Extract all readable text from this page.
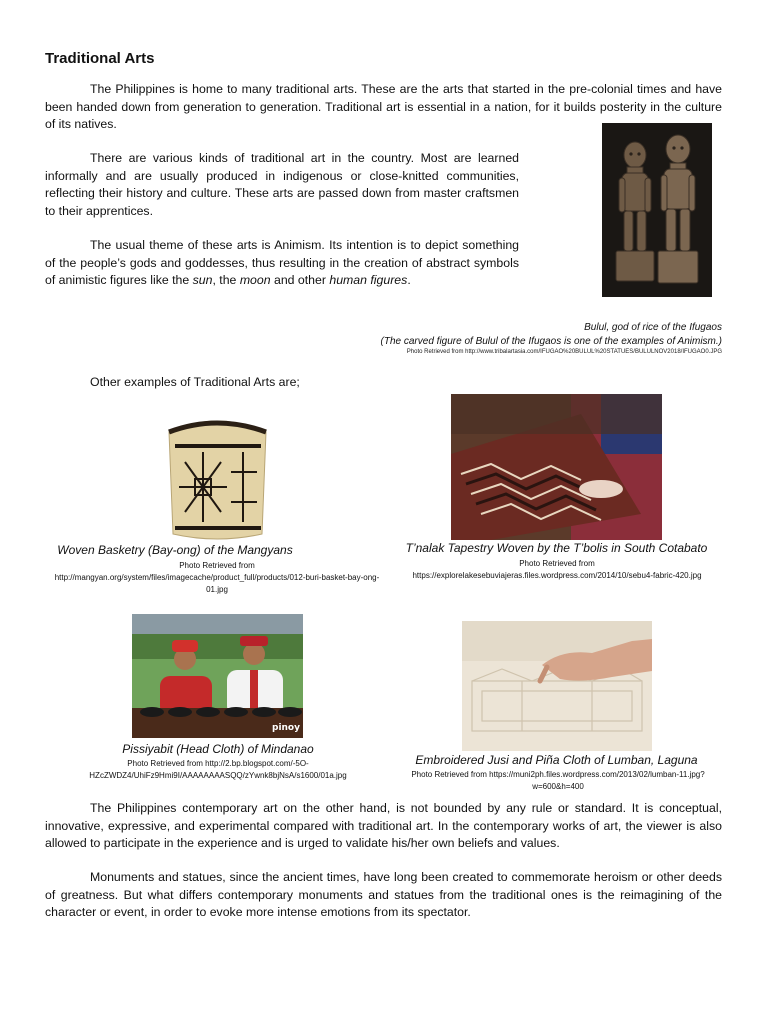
Traditional Arts
The Philippines is home to many traditional arts. These are the arts that started in the pre-colonial times and have been handed down from generation to generation. Traditional art is essential in a nation, for it builds posterity in the culture of its natives.
There are various kinds of traditional art in the country. Most are learned informally and are usually produced in indigenous or close-knitted communities, reflecting their history and culture. These arts are passed down from master craftsmen to their apprentices.
The usual theme of these arts is Animism. Its intention is to depict something of the people’s gods and goddesses, thus resulting in the creation of abstract symbols of animistic figures like the sun, the moon and other human figures.
Bulul, god of rice of the Ifugaos
(The carved figure of Bulul of the Ifugaos is one of the examples of Animism.)
Photo Retrieved from http://www.tribalartasia.com/IFUGAO%20BULUL%20STATUES/BULULNOV2018/IFUGAO0.JPG
Other examples of Traditional Arts are;
Woven Basketry (Bay-ong) of the Mangyans
Photo Retrieved from
http://mangyan.org/system/files/imagecache/product_full/products/012-buri-basket-bay-ong-01.jpg
T’nalak Tapestry Woven by the T’bolis in South Cotabato
Photo Retrieved from
https://explorelakesebuviajeras.files.wordpress.com/2014/10/sebu4-fabric-420.jpg
pinoy
Pissiyabit (Head Cloth) of Mindanao
Photo Retrieved from http://2.bp.blogspot.com/-5O-HZcZWDZ4/UhiFz9Hmi9I/AAAAAAAASQQ/zYwnk8bjNsA/s1600/01a.jpg
Embroidered Jusi and Piña Cloth of Lumban, Laguna
Photo Retrieved from https://muni2ph.files.wordpress.com/2013/02/lumban-11.jpg?w=600&h=400
The Philippines contemporary art on the other hand, is not bounded by any rule or standard. It is conceptual, innovative, expressive, and experimental compared with traditional art. In the contemporary works of art, the viewer is also allowed to participate in the experience and is urged to validate his/her own beliefs and values.
Monuments and statues, since the ancient times, have long been created to commemorate heroism or other deeds of greatness. But what differs contemporary monuments and statues from the traditional ones is the reimagining of the character or event, in order to evoke more intense emotions from its spectator.
